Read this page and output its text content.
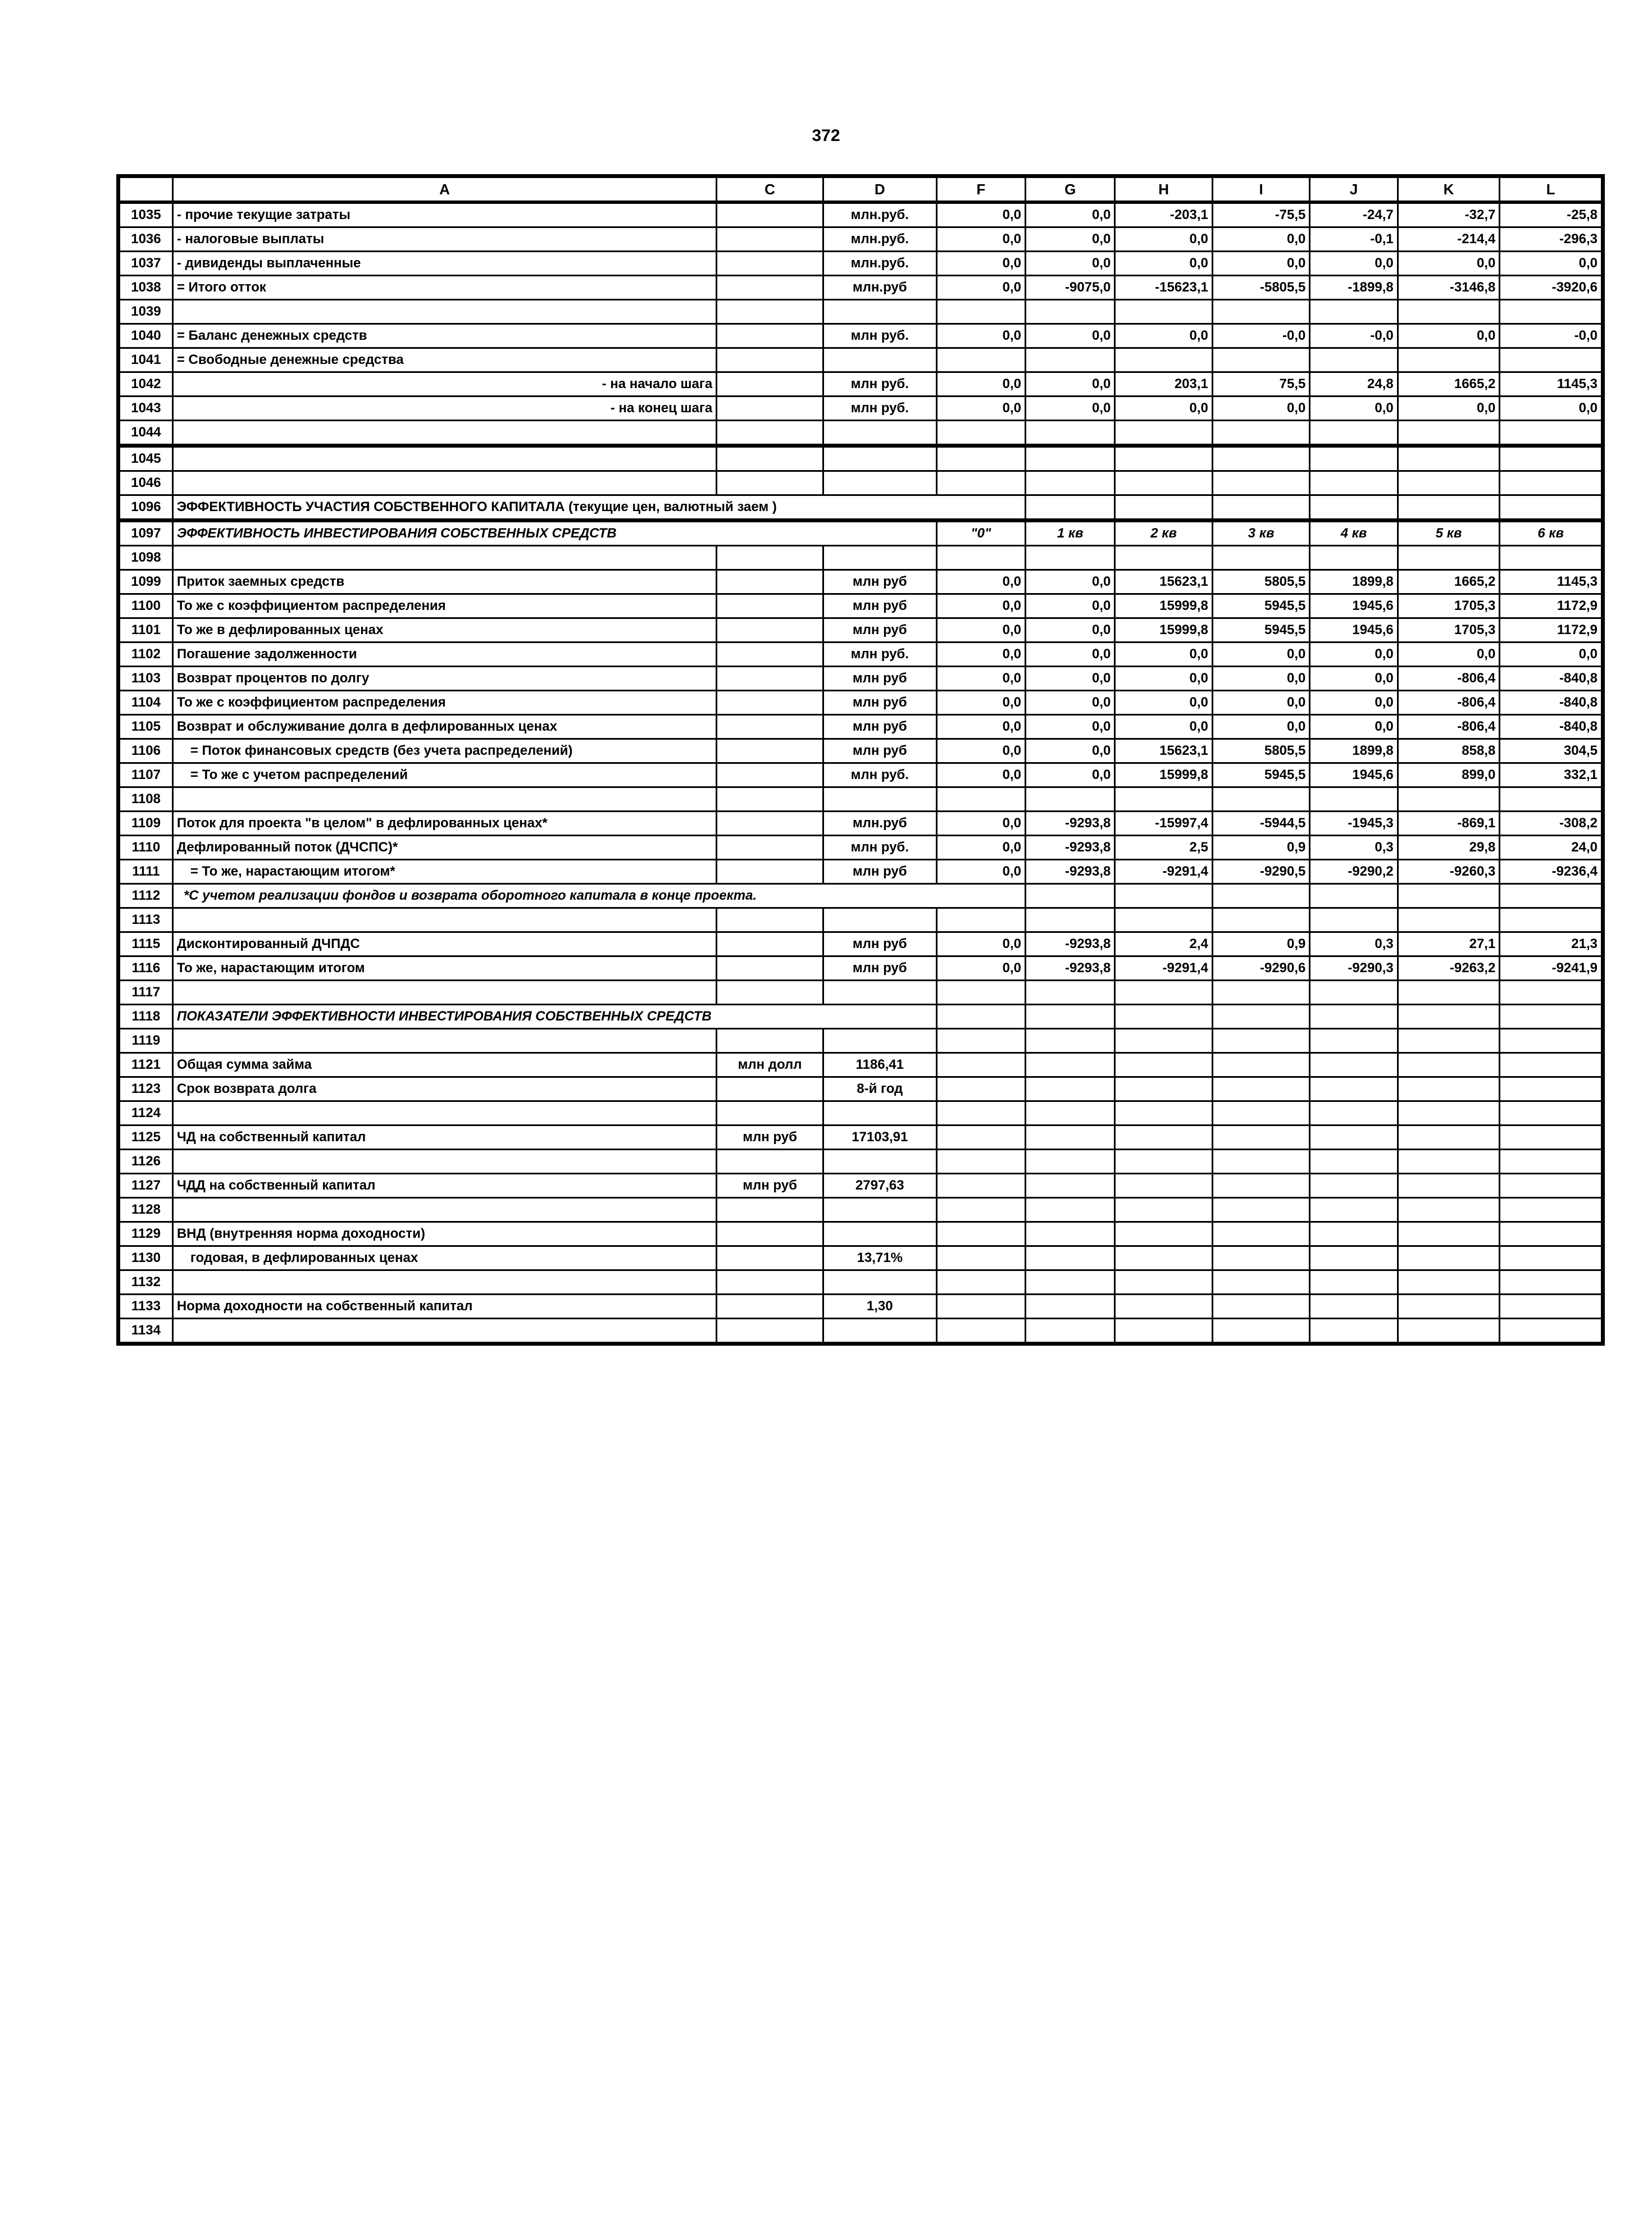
372
	A	C	D	F	G	H	I	J	K	L
1035	- прочие текущие затраты		млн.руб.	0,0	0,0	-203,1	-75,5	-24,7	-32,7	-25,8
1036	- налоговые выплаты		млн.руб.	0,0	0,0	0,0	0,0	-0,1	-214,4	-296,3
1037	- дивиденды выплаченные		млн.руб.	0,0	0,0	0,0	0,0	0,0	0,0	0,0
1038	= Итого отток		млн.руб	0,0	-9075,0	-15623,1	-5805,5	-1899,8	-3146,8	-3920,6
1039										
1040	= Баланс денежных средств		млн руб.	0,0	0,0	0,0	-0,0	-0,0	0,0	-0,0
1041	= Свободные денежные средства									
1042	- на начало шага		млн руб.	0,0	0,0	203,1	75,5	24,8	1665,2	1145,3
1043	- на конец шага		млн руб.	0,0	0,0	0,0	0,0	0,0	0,0	0,0
1044										
1045										
1046										
1096	ЭФФЕКТИВНОСТЬ УЧАСТИЯ СОБСТВЕННОГО КАПИТАЛА (текущие цен, валютный заем )									
1097	ЭФФЕКТИВНОСТЬ ИНВЕСТИРОВАНИЯ СОБСТВЕННЫХ СРЕДСТВ			"0"	1 кв	2 кв	3 кв	4 кв	5 кв	6 кв
1098										
1099	Приток заемных средств		млн руб	0,0	0,0	15623,1	5805,5	1899,8	1665,2	1145,3
1100	То же с коэффициентом распределения		млн руб	0,0	0,0	15999,8	5945,5	1945,6	1705,3	1172,9
1101	То же в дефлированных ценах		млн руб	0,0	0,0	15999,8	5945,5	1945,6	1705,3	1172,9
1102	Погашение задолженности		млн руб.	0,0	0,0	0,0	0,0	0,0	0,0	0,0
1103	Возврат процентов по долгу		млн руб	0,0	0,0	0,0	0,0	0,0	-806,4	-840,8
1104	То же с коэффициентом распределения		млн руб	0,0	0,0	0,0	0,0	0,0	-806,4	-840,8
1105	Возврат и обслуживание долга в дефлированных ценах		млн руб	0,0	0,0	0,0	0,0	0,0	-806,4	-840,8
1106	= Поток финансовых средств (без учета распределений)		млн руб	0,0	0,0	15623,1	5805,5	1899,8	858,8	304,5
1107	= То же с учетом распределений		млн руб.	0,0	0,0	15999,8	5945,5	1945,6	899,0	332,1
1108										
1109	Поток для проекта "в целом" в дефлированных ценах*		млн.руб	0,0	-9293,8	-15997,4	-5944,5	-1945,3	-869,1	-308,2
1110	Дефлированный поток (ДЧСПС)*		млн руб.	0,0	-9293,8	2,5	0,9	0,3	29,8	24,0
1111	= То же, нарастающим итогом*		млн руб	0,0	-9293,8	-9291,4	-9290,5	-9290,2	-9260,3	-9236,4
1112	*С учетом реализации фондов и возврата оборотного капитала в конце проекта.									
1113										
1115	Дисконтированный ДЧПДС		млн руб	0,0	-9293,8	2,4	0,9	0,3	27,1	21,3
1116	То же, нарастающим итогом		млн руб	0,0	-9293,8	-9291,4	-9290,6	-9290,3	-9263,2	-9241,9
1117										
1118	ПОКАЗАТЕЛИ ЭФФЕКТИВНОСТИ ИНВЕСТИРОВАНИЯ СОБСТВЕННЫХ СРЕДСТВ									
1119										
1121	Общая сумма займа	млн долл	1186,41							
1123	Срок возврата долга		8-й год							
1124										
1125	ЧД на собственный капитал	млн руб	17103,91							
1126										
1127	ЧДД на собственный капитал	млн руб	2797,63							
1128										
1129	ВНД (внутренняя норма доходности)									
1130	годовая, в дефлированных ценах		13,71%							
1132										
1133	Норма доходности на собственный капитал		1,30							
1134										
